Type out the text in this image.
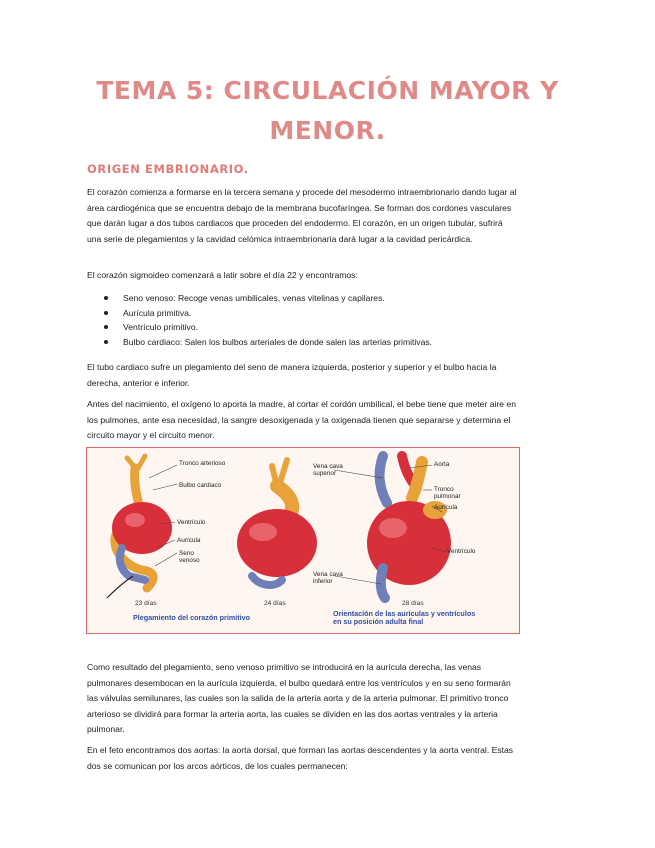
TEMA 5: CIRCULACIÓN MAYOR Y
MENOR.
ORIGEN EMBRIONARIO.

El corazón comienza a formarse en la tercera semana y procede del mesodermo intraembrionario dando lugar al área cardiogénica que se encuentra debajo de la membrana bucofaríngea. Se forman dos cordones vasculares que darán lugar a dos tubos cardiacos que proceden del endodermo. El corazón, en un origen tubular, sufrirá una serie de plegamientos y la cavidad celómica intraembrionaria dará lugar a la cavidad pericárdica.

El corazón sigmoideo comenzará a latir sobre el día 22 y encontramos:

Seno venoso: Recoge venas umbilicales, venas vitelinas y capilares.
Aurícula primitiva.
Ventrículo primitivo.
Bulbo cardiaco: Salen los bulbos arteriales de donde salen las arterias primitivas.

El tubo cardiaco sufre un plegamiento del seno de manera izquierda, posterior y superior y el bulbo hacia la derecha, anterior e inferior.

Antes del nacimiento, el oxígeno lo aporta la madre, al cortar el cordón umbilical, el bebe tiene que meter aire en los pulmones, ante esa necesidad, la sangre desoxigenada y la oxigenada tienen que separarse y determina el circuito mayor y el circuito menor.

Tronco arterioso
Bulbo cardiaco
Ventrículo
Aurícula
Seno venoso
Vena cava superior
Vena cava inferior
Aorta
Tronco pulmonar
Aurícula
Ventrículo
23 días	24 días	28 días
Plegamiento del corazón primitivo	Orientación de las aurículas y ventrículos en su posición adulta final

Como resultado del plegamiento, seno venoso primitivo se introducirá en la aurícula derecha, las venas pulmonares desembocan en la aurícula izquierda, el bulbo quedará entre los ventrículos y en su seno formarán las válvulas semilunares, las cuales son la salida de la arteria aorta y de la arteria pulmonar. El primitivo tronco arterioso se dividirá para formar la arteria aorta, las cuales se dividen en las dos aortas ventrales y la arteria pulmonar.

En el feto encontramos dos aortas: la aorta dorsal, que forman las aortas descendentes y la aorta ventral. Estas dos se comunican por los arcos aórticos, de los cuales permanecen:
